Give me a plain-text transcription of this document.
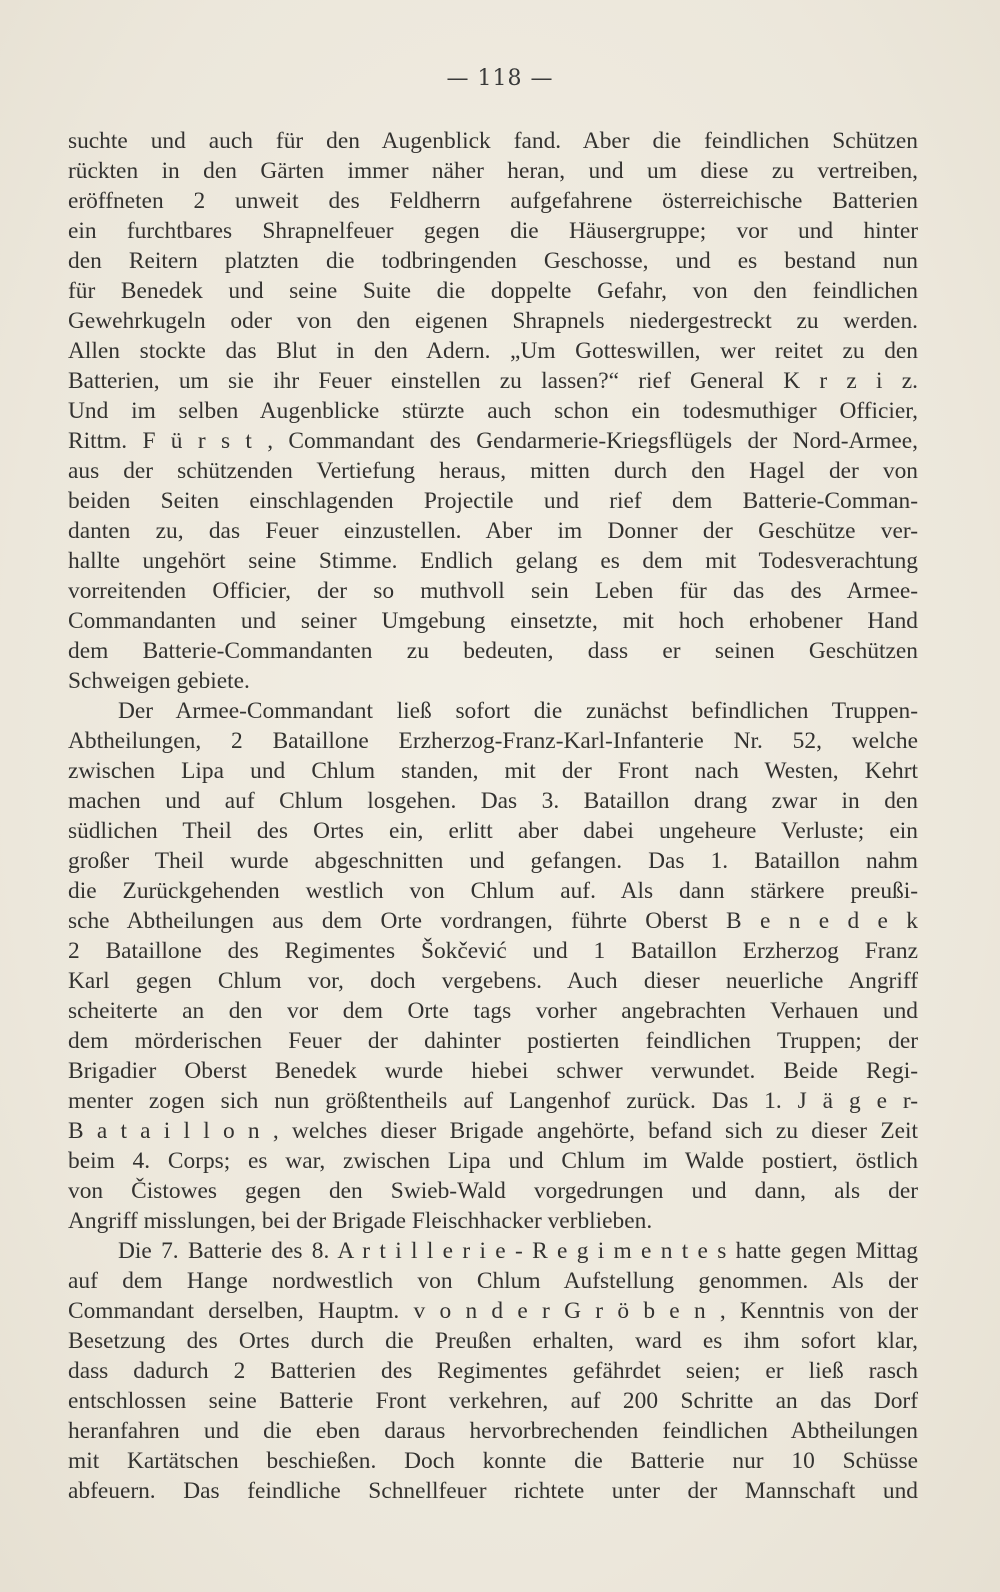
— 118 —
suchte und auch für den Augenblick fand. Aber die feindlichen Schützen
rückten in den Gärten immer näher heran, und um diese zu vertreiben,
eröffneten 2 unweit des Feldherrn aufgefahrene österreichische Batterien
ein furchtbares Shrapnelfeuer gegen die Häusergruppe; vor und hinter
den Reitern platzten die todbringenden Geschosse, und es bestand nun
für Benedek und seine Suite die doppelte Gefahr, von den feindlichen
Gewehrkugeln oder von den eigenen Shrapnels niedergestreckt zu werden.
Allen stockte das Blut in den Adern. „Um Gotteswillen, wer reitet zu den
Batterien, um sie ihr Feuer einstellen zu lassen?“ rief General K r z i z.
Und im selben Augenblicke stürzte auch schon ein todesmuthiger Officier,
Rittm. F ü r s t , Commandant des Gendarmerie-Kriegsflügels der Nord-Armee,
aus der schützenden Vertiefung heraus, mitten durch den Hagel der von
beiden Seiten einschlagenden Projectile und rief dem Batterie-Comman-
danten zu, das Feuer einzustellen. Aber im Donner der Geschütze ver-
hallte ungehört seine Stimme. Endlich gelang es dem mit Todesverachtung
vorreitenden Officier, der so muthvoll sein Leben für das des Armee-
Commandanten und seiner Umgebung einsetzte, mit hoch erhobener Hand
dem Batterie-Commandanten zu bedeuten, dass er seinen Geschützen
Schweigen gebiete.
Der Armee-Commandant ließ sofort die zunächst befindlichen Truppen-
Abtheilungen, 2 Bataillone Erzherzog-Franz-Karl-Infanterie Nr. 52, welche
zwischen Lipa und Chlum standen, mit der Front nach Westen, Kehrt
machen und auf Chlum losgehen. Das 3. Bataillon drang zwar in den
südlichen Theil des Ortes ein, erlitt aber dabei ungeheure Verluste; ein
großer Theil wurde abgeschnitten und gefangen. Das 1. Bataillon nahm
die Zurückgehenden westlich von Chlum auf. Als dann stärkere preußi-
sche Abtheilungen aus dem Orte vordrangen, führte Oberst B e n e d e k
2 Bataillone des Regimentes Šokčević und 1 Bataillon Erzherzog Franz
Karl gegen Chlum vor, doch vergebens. Auch dieser neuerliche Angriff
scheiterte an den vor dem Orte tags vorher angebrachten Verhauen und
dem mörderischen Feuer der dahinter postierten feindlichen Truppen; der
Brigadier Oberst Benedek wurde hiebei schwer verwundet. Beide Regi-
menter zogen sich nun größtentheils auf Langenhof zurück. Das 1. J ä g e r-
B a t a i l l o n , welches dieser Brigade angehörte, befand sich zu dieser Zeit
beim 4. Corps; es war, zwischen Lipa und Chlum im Walde postiert, östlich
von Čistowes gegen den Swieb-Wald vorgedrungen und dann, als der
Angriff misslungen, bei der Brigade Fleischhacker verblieben.
Die 7. Batterie des 8. A r t i l l e r i e - R e g i m e n t e s hatte gegen Mittag
auf dem Hange nordwestlich von Chlum Aufstellung genommen. Als der
Commandant derselben, Hauptm. v o n d e r G r ö b e n , Kenntnis von der
Besetzung des Ortes durch die Preußen erhalten, ward es ihm sofort klar,
dass dadurch 2 Batterien des Regimentes gefährdet seien; er ließ rasch
entschlossen seine Batterie Front verkehren, auf 200 Schritte an das Dorf
heranfahren und die eben daraus hervorbrechenden feindlichen Abtheilungen
mit Kartätschen beschießen. Doch konnte die Batterie nur 10 Schüsse
abfeuern. Das feindliche Schnellfeuer richtete unter der Mannschaft und
